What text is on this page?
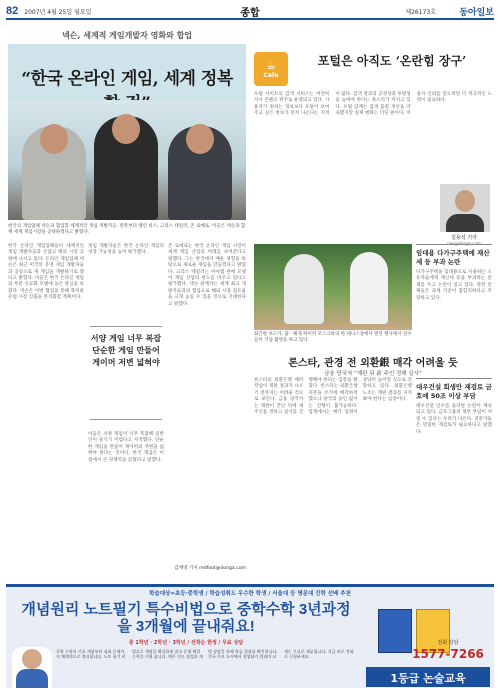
82 2007년 4월 25일 월요일	종합	제26173호	동아일보
넥슨, 세계적 게임개발자 영화와 합업
“한국 온라인 게임, 세계 정복
한국의 게임업체 넥슨과 협업할 세계적인 게임 개발자들. 왼쪽부터 앨런 비스, 크리스 테일러, 존 로메로. 이들은 넥슨과 함께 세계 게임시장을 공략하겠다고 밝혔다.
한국 온라인 게임업체들이 세계적인 게임 개발자들과 손잡고 해외 시장 공략에 나서고 있다. 온라인 게임업체 넥슨은 최근 미국의 유명 게임 개발자들과 공동으로 새 게임을 개발하기로 했다고 밝혔다. 이들은 한국 온라인 게임의 부분 유료화 모델에 높은 관심을 보였다. 넥슨은 이번 협업을 통해 북미와 유럽 시장 진출을 본격화할 계획이다.
게임 개발자들은 한국 온라인 게임의 성장 가능성을 높이 평가했다.
서양 게임 너무 복잡 단순한 게임 만들어 게이머 저변 넓혀야
이들은 서양 게임이 너무 복잡해 일반인이 즐기기 어렵다고 지적했다. 단순한 게임을 만들어 게이머의 저변을 넓혀야 한다는 것이다. 한국 게임은 이 점에서 큰 경쟁력을 갖췄다고 말했다.
존 로메로는 한국 온라인 게임 시장이 세계 게임 산업의 미래를 보여준다고 말했다. 그는 한국에서 배운 경험을 바탕으로 새로운 게임을 만들겠다고 밝혔다. 크리스 테일러는 아이템 판매 모델이 게임 산업의 판도를 바꾸고 있다고 평가했다. 넥슨 관계자는 세계 최고 개발자들과의 협업으로 해외 시장 점유율을 크게 높일 수 있을 것으로 기대한다고 말했다.
김재영 기자 redfoot@donga.com
☕
Cafe
포털은 아직도 ‘온란힘 장구’
포털 사이트의 검색 서비스는 여전히 자사 콘텐츠 위주로 운영되고 있다. 사용자가 원하는 정보보다 포털이 보여주고 싶은 정보가 먼저 나온다는 지적이 많다. 검색 결과의 공정성과 투명성을 높여야 한다는 목소리가 커지고 있다. 포털 업계는 검색 품질 개선을 약속했지만 실제 변화는 더딘 편이다. 이용자 신뢰를 얻으려면 더 적극적인 노력이 필요하다.
김용석 기자
nex@donga.com
임대용 다가구주택에 재산세 등 부과 논란
다가구주택을 임대용으로 사용하는 소유자들에게 재산세 등을 부과하는 문제를 두고 논란이 일고 있다. 관련 단체들은 과세 기준이 불합리하다고 주장하고 있다.
화끈한 보드카, 꿈 · 해게 하이커 모스크바의 한 테니스장에서 열린 행사에서 선수들이 기념 촬영을 하고 있다.
론스타, 관경 전 외환銀 매각 어려울 듯
금융 당국자 “재판 뒤 新 주인 정해 실사”
론스타의 외환은행 매각 작업이 재판 결과가 나오기 전까지는 어려울 것으로 보인다. 금융 당국자는 재판이 끝난 뒤에 새 주인을 정하고 실사를 진행해야 한다는 입장을 밝혔다. 론스타는 외환은행 지분을 조기에 매각하려 했으나 당국의 승인 없이는 진행이 불가능하다. 업계에서는 매각 일정이 상당히 늦어질 것으로 전망하고 있다. 외환은행 노조는 재판 결과를 지켜봐야 한다는 입장이다.
대우건설 회생안 재검토 금호에 50조 이상 부담
대우건설 인수를 둘러싼 논란이 계속되고 있다. 금호그룹의 재무 부담이 커질 수 있다는 우려가 나온다. 전문가들은 면밀한 재검토가 필요하다고 말했다.
학습대상=초등·중학생 / 학습성취도 우수한 학생 / 서울대 등 명문대 진학 선배 추천
개념원리 노트필기 특수비법으로 중학수학 3년과정을 3개월에 끝내줘요!
중 1학년 · 2학년 · 3학년 / 선착순 한정 / 무료 상담
중학 수학의 기초 개념부터 심화 문제까지 체계적으로 정리합니다. 노트 필기 비법으로 개념을 확실하게 잡고 문제 해결 능력을 키워 줍니다. 매주 진도 점검과 개별 상담을 통해 학습 결과를 확인합니다. 전국 주요 도시에서 설명회가 열리며 교재는 무료로 제공됩니다. 지금 바로 전화로 신청하세요.
전화 상담
1577-7266
1등급 논술교육
